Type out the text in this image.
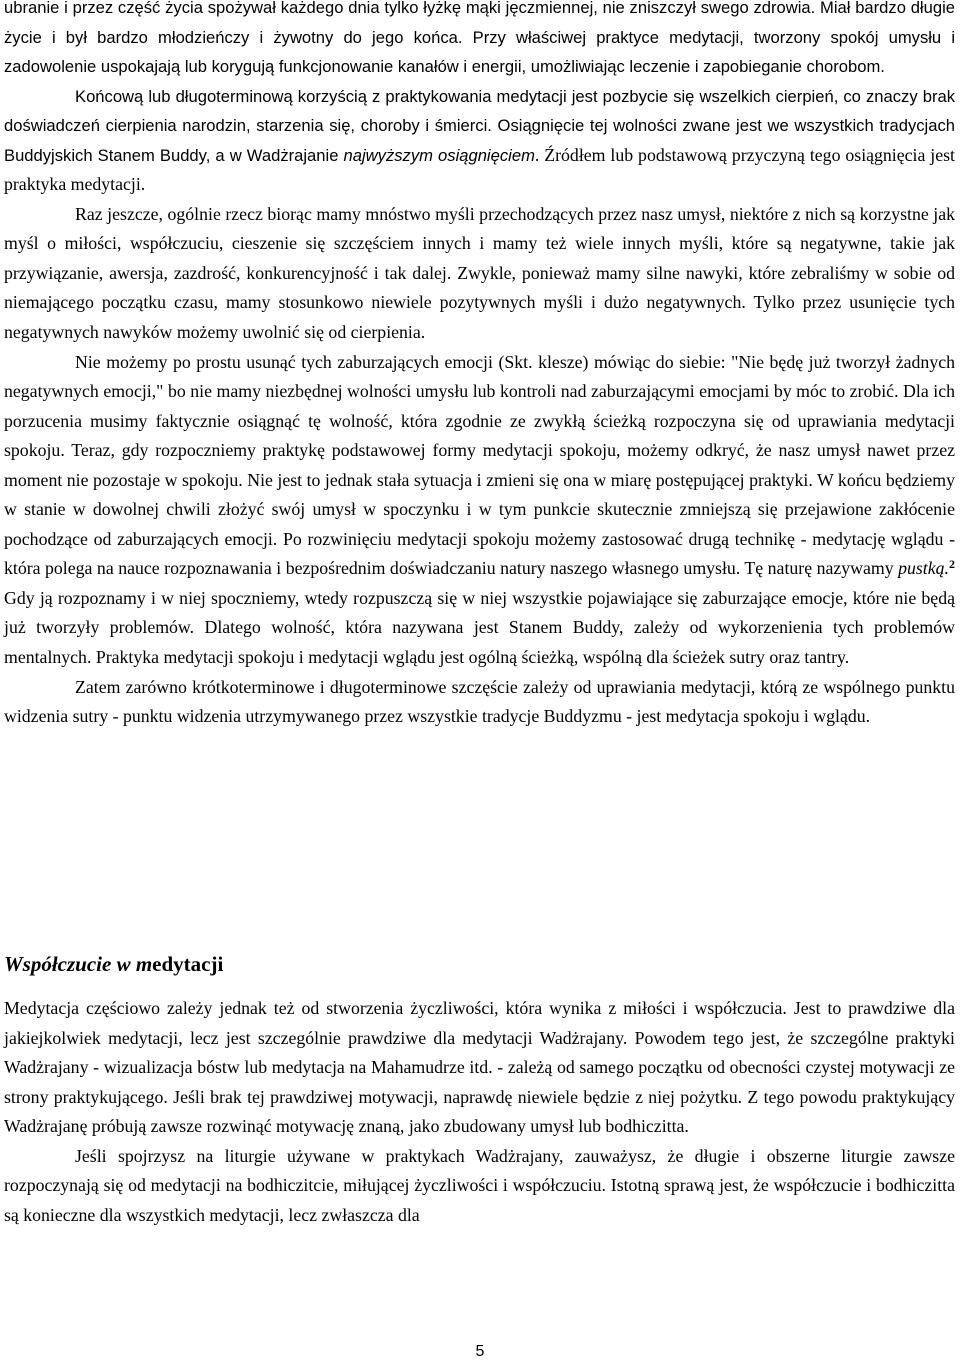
ubranie i przez część życia spożywał każdego dnia tylko łyżkę mąki jęczmiennej, nie zniszczył swego zdrowia. Miał bardzo długie życie i był bardzo młodzieńczy i żywotny do jego końca. Przy właściwej praktyce medytacji, tworzony spokój umysłu i zadowolenie uspokajają lub korygują funkcjonowanie kanałów i energii, umożliwiając leczenie i zapobieganie chorobom.

Końcową lub długoterminową korzyścią z praktykowania medytacji jest pozbycie się wszelkich cierpień, co znaczy brak doświadczeń cierpienia narodzin, starzenia się, choroby i śmierci. Osiągnięcie tej wolności zwane jest we wszystkich tradycjach Buddyjskich Stanem Buddy, a w Wadżrajanie najwyższym osiągnięciem. Źródłem lub podstawową przyczyną tego osiągnięcia jest praktyka medytacji.

Raz jeszcze, ogólnie rzecz biorąc mamy mnóstwo myśli przechodzących przez nasz umysł, niektóre z nich są korzystne jak myśl o miłości, współczuciu, cieszenie się szczęściem innych i mamy też wiele innych myśli, które są negatywne, takie jak przywiązanie, awersja, zazdrość, konkurencyjność i tak dalej. Zwykle, ponieważ mamy silne nawyki, które zebraliśmy w sobie od niemającego początku czasu, mamy stosunkowo niewiele pozytywnych myśli i dużo negatywnych. Tylko przez usunięcie tych negatywnych nawyków możemy uwolnić się od cierpienia.

Nie możemy po prostu usunąć tych zaburzających emocji (Skt. klesze) mówiąc do siebie: "Nie będę już tworzył żadnych negatywnych emocji," bo nie mamy niezbędnej wolności umysłu lub kontroli nad zaburzającymi emocjami by móc to zrobić. Dla ich porzucenia musimy faktycznie osiągnąć tę wolność, która zgodnie ze zwykłą ścieżką rozpoczyna się od uprawiania medytacji spokoju. Teraz, gdy rozpoczniemy praktykę podstawowej formy medytacji spokoju, możemy odkryć, że nasz umysł nawet przez moment nie pozostaje w spokoju. Nie jest to jednak stała sytuacja i zmieni się ona w miarę postępującej praktyki. W końcu będziemy w stanie w dowolnej chwili złożyć swój umysł w spoczynku i w tym punkcie skutecznie zmniejszą się przejawione zakłócenie pochodzące od zaburzających emocji. Po rozwinięciu medytacji spokoju możemy zastosować drugą technikę - medytację wglądu - która polega na nauce rozpoznawania i bezpośrednim doświadczaniu natury naszego własnego umysłu. Tę naturę nazywamy pustką.$^2$ Gdy ją rozpoznamy i w niej spoczniemy, wtedy rozpuszczą się w niej wszystkie pojawiające się zaburzające emocje, które nie będą już tworzyły problemów. Dlatego wolność, która nazywana jest Stanem Buddy, zależy od wykorzenienia tych problemów mentalnych. Praktyka medytacji spokoju i medytacji wglądu jest ogólną ścieżką, wspólną dla ścieżek sutry oraz tantry.

Zatem zarówno krótkoterminowe i długoterminowe szczęście zależy od uprawiania medytacji, którą ze wspólnego punktu widzenia sutry - punktu widzenia utrzymywanego przez wszystkie tradycje Buddyzmu - jest medytacja spokoju i wglądu.

Współczucie w medytacji

Medytacja częściowo zależy jednak też od stworzenia życzliwości, która wynika z miłości i współczucia. Jest to prawdziwe dla jakiejkolwiek medytacji, lecz jest szczególnie prawdziwe dla medytacji Wadżrajany. Powodem tego jest, że szczególne praktyki Wadżrajany - wizualizacja bóstw lub medytacja na Mahamudrze itd. - zależą od samego początku od obecności czystej motywacji ze strony praktykującego. Jeśli brak tej prawdziwej motywacji, naprawdę niewiele będzie z niej pożytku. Z tego powodu praktykujący Wadżrajanę próbują zawsze rozwinąć motywację znaną, jako zbudowany umysł lub bodhiczitta.

Jeśli spojrzysz na liturgie używane w praktykach Wadżrajany, zauważysz, że długie i obszerne liturgie zawsze rozpoczynają się od medytacji na bodhiczitcie, miłującej życzliwości i współczuciu. Istotną sprawą jest, że współczucie i bodhiczitta są konieczne dla wszystkich medytacji, lecz zwłaszcza dla

5
